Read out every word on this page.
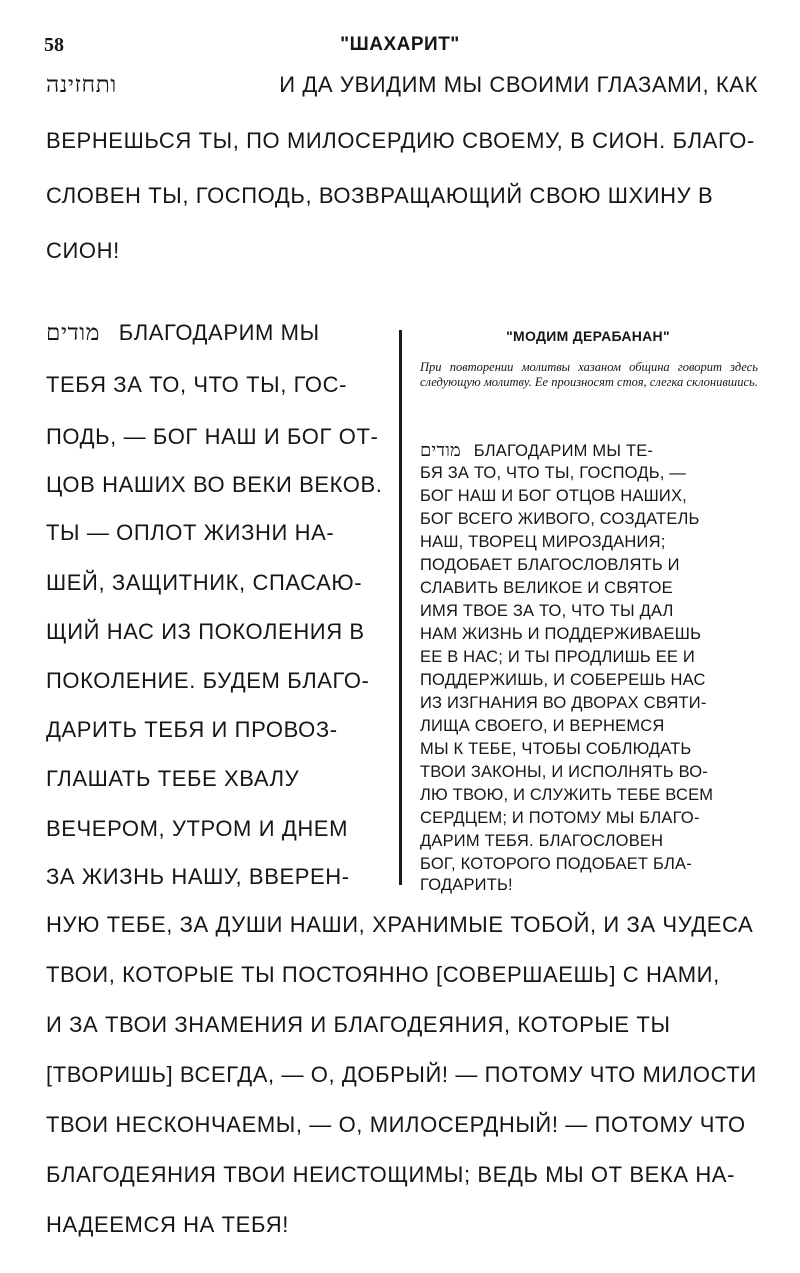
58	"ШАХАРИТ"
ותחזינה	И ДА УВИДИМ МЫ СВОИМИ ГЛАЗАМИ, КАК
ВЕРНЕШЬСЯ ТЫ, ПО МИЛОСЕРДИЮ СВОЕМУ, В СИОН. БЛАГО-
СЛОВЕН ТЫ, ГОСПОДЬ, ВОЗВРАЩАЮЩИЙ СВОЮ ШХИНУ В
СИОН!
מודים БЛАГОДАРИМ МЫ
ТЕБЯ ЗА ТО, ЧТО ТЫ, ГОС-
ПОДЬ, — БОГ НАШ И БОГ ОТ-
ЦОВ НАШИХ ВО ВЕКИ ВЕКОВ.
ТЫ — ОПЛОТ ЖИЗНИ НА-
ШЕЙ, ЗАЩИТНИК, СПАСАЮ-
ЩИЙ НАС ИЗ ПОКОЛЕНИЯ В
ПОКОЛЕНИЕ. БУДЕМ БЛАГО-
ДАРИТЬ ТЕБЯ И ПРОВОЗ-
ГЛАШАТЬ ТЕБЕ ХВАЛУ
ВЕЧЕРОМ, УТРОМ И ДНЕМ
ЗА ЖИЗНЬ НАШУ, ВВЕРЕН-
"МОДИМ ДЕРАБАНАН"
При повторении молитвы хазаном община говорит здесь следующую молитву. Ее произносят стоя, слегка склонившись.
מודים БЛАГОДАРИМ МЫ ТЕ-
БЯ ЗА ТО, ЧТО ТЫ, ГОСПОДЬ, —
БОГ НАШ И БОГ ОТЦОВ НАШИХ,
БОГ ВСЕГО ЖИВОГО, СОЗДАТЕЛЬ
НАШ, ТВОРЕЦ МИРОЗДАНИЯ;
ПОДОБАЕТ БЛАГОСЛОВЛЯТЬ И
СЛАВИТЬ ВЕЛИКОЕ И СВЯТОЕ
ИМЯ ТВОЕ ЗА ТО, ЧТО ТЫ ДАЛ
НАМ ЖИЗНЬ И ПОДДЕРЖИВАЕШЬ
ЕЕ В НАС; И ТЫ ПРОДЛИШЬ ЕЕ И
ПОДДЕРЖИШЬ, И СОБЕРЕШЬ НАС
ИЗ ИЗГНАНИЯ ВО ДВОРАХ СВЯТИ-
ЛИЩА СВОЕГО, И ВЕРНЕМСЯ
МЫ К ТЕБЕ, ЧТОБЫ СОБЛЮДАТЬ
ТВОИ ЗАКОНЫ, И ИСПОЛНЯТЬ ВО-
ЛЮ ТВОЮ, И СЛУЖИТЬ ТЕБЕ ВСЕМ
СЕРДЦЕМ; И ПОТОМУ МЫ БЛАГО-
ДАРИМ ТЕБЯ. БЛАГОСЛОВЕН
БОГ, КОТОРОГО ПОДОБАЕТ БЛА-
ГОДАРИТЬ!
НУЮ ТЕБЕ, ЗА ДУШИ НАШИ, ХРАНИМЫЕ ТОБОЙ, И ЗА ЧУДЕСА
ТВОИ, КОТОРЫЕ ТЫ ПОСТОЯННО [СОВЕРШАЕШЬ] С НАМИ,
И ЗА ТВОИ ЗНАМЕНИЯ И БЛАГОДЕЯНИЯ, КОТОРЫЕ ТЫ
[ТВОРИШЬ] ВСЕГДА, — О, ДОБРЫЙ! — ПОТОМУ ЧТО МИЛОСТИ
ТВОИ НЕСКОНЧАЕМЫ, — О, МИЛОСЕРДНЫЙ! — ПОТОМУ ЧТО
БЛАГОДЕЯНИЯ ТВОИ НЕИСТОЩИМЫ; ВЕДЬ МЫ ОТ ВЕКА НА-
НАДЕЕМСЯ НА ТЕБЯ!
